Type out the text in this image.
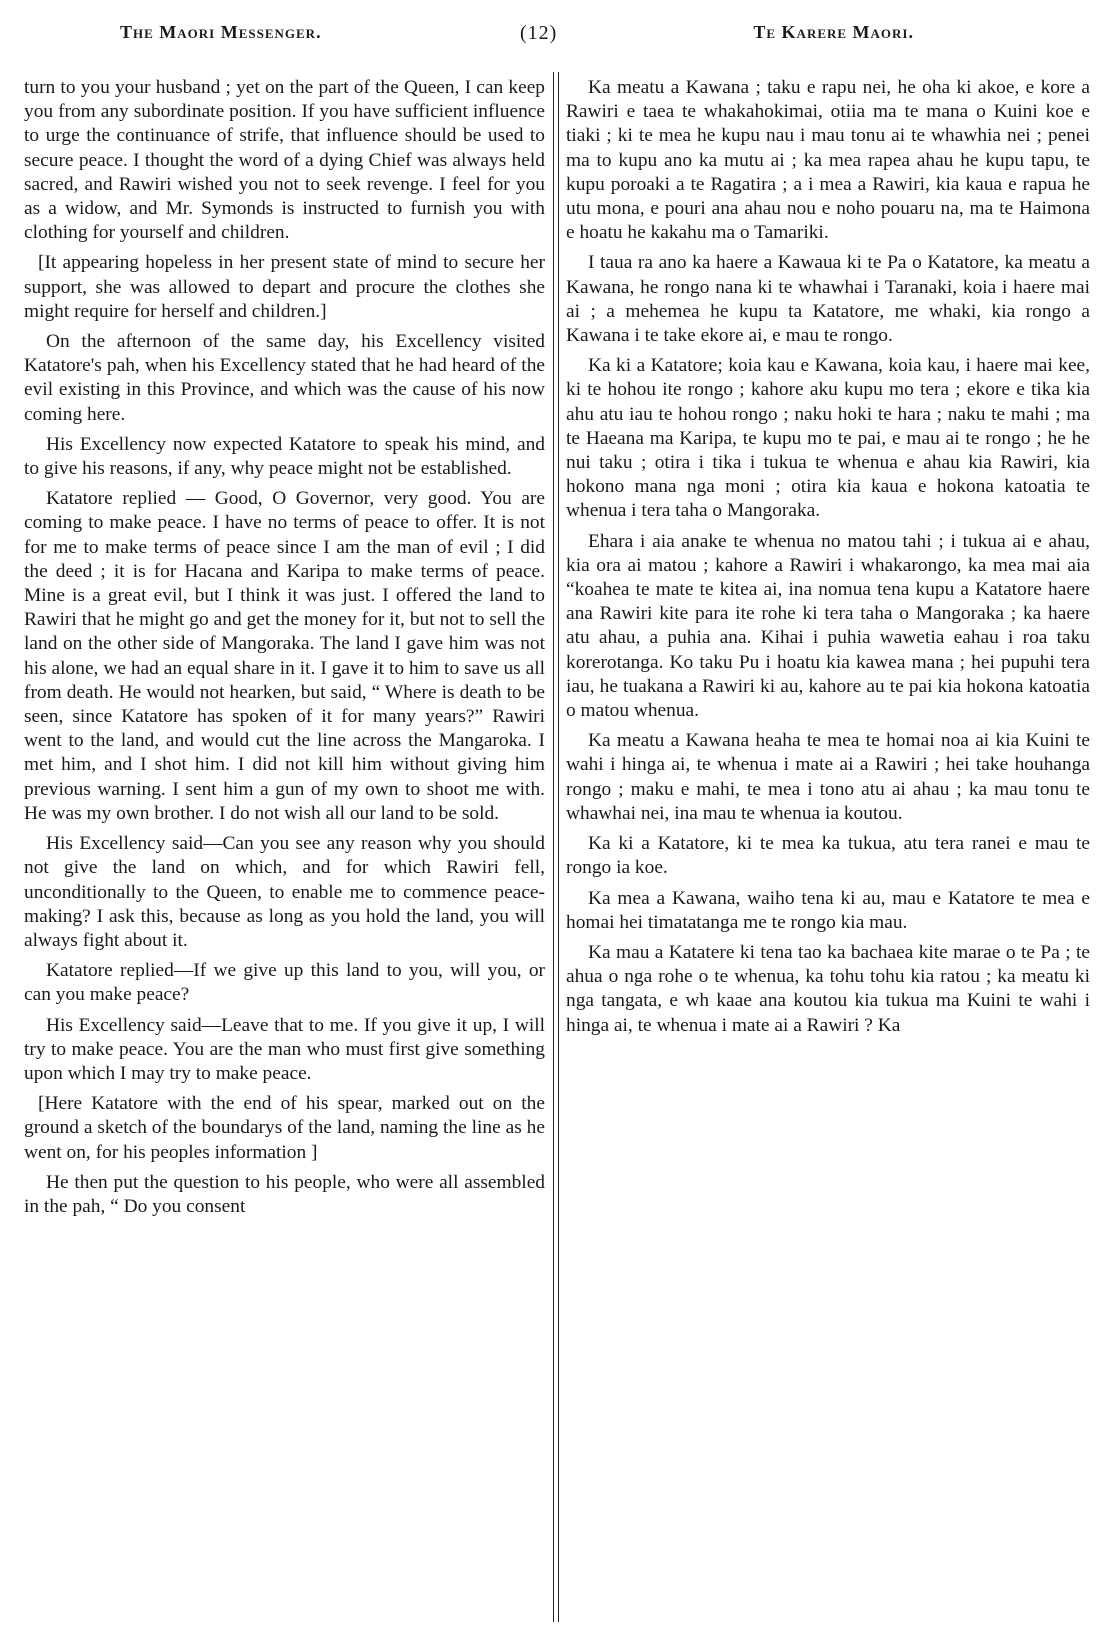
The Maori Messenger.	(12)	Te Karere Maori.

turn to you your husband ; yet on the part of the Queen, I can keep you from any subordinate position. If you have sufficient influence to urge the continuance of strife, that influence should be used to secure peace. I thought the word of a dying Chief was always held sacred, and Rawiri wished you not to seek revenge. I feel for you as a widow, and Mr. Symonds is instructed to furnish you with clothing for yourself and children.

[It appearing hopeless in her present state of mind to secure her support, she was allowed to depart and procure the clothes she might require for herself and children.]

On the afternoon of the same day, his Excellency visited Katatore's pah, when his Excellency stated that he had heard of the evil existing in this Province, and which was the cause of his now coming here.

His Excellency now expected Katatore to speak his mind, and to give his reasons, if any, why peace might not be established.

Katatore replied — Good, O Governor, very good. You are coming to make peace. I have no terms of peace to offer. It is not for me to make terms of peace since I am the man of evil ; I did the deed ; it is for Hacana and Karipa to make terms of peace. Mine is a great evil, but I think it was just. I offered the land to Rawiri that he might go and get the money for it, but not to sell the land on the other side of Mangoraka. The land I gave him was not his alone, we had an equal share in it. I gave it to him to save us all from death. He would not hearken, but said, “ Where is death to be seen, since Katatore has spoken of it for many years?” Rawiri went to the land, and would cut the line across the Mangaroka. I met him, and I shot him. I did not kill him without giving him previous warning. I sent him a gun of my own to shoot me with. He was my own brother. I do not wish all our land to be sold.

His Excellency said—Can you see any reason why you should not give the land on which, and for which Rawiri fell, unconditionally to the Queen, to enable me to commence peace-making? I ask this, because as long as you hold the land, you will always fight about it.

Katatore replied—If we give up this land to you, will you, or can you make peace?

His Excellency said—Leave that to me. If you give it up, I will try to make peace. You are the man who must first give something upon which I may try to make peace.

[Here Katatore with the end of his spear, marked out on the ground a sketch of the boundarys of the land, naming the line as he went on, for his peoples information ]

He then put the question to his people, who were all assembled in the pah, “ Do you consent

Ka meatu a Kawana ; taku e rapu nei, he oha ki akoe, e kore a Rawiri e taea te whakahokimai, otiia ma te mana o Kuini koe e tiaki ; ki te mea he kupu nau i mau tonu ai te whawhia nei ; penei ma to kupu ano ka mutu ai ; ka mea rapea ahau he kupu tapu, te kupu poroaki a te Ragatira ; a i mea a Rawiri, kia kaua e rapua he utu mona, e pouri ana ahau nou e noho pouaru na, ma te Haimona e hoatu he kakahu ma o Tamariki.

I taua ra ano ka haere a Kawaua ki te Pa o Katatore, ka meatu a Kawana, he rongo nana ki te whawhai i Taranaki, koia i haere mai ai ; a mehemea he kupu ta Katatore, me whaki, kia rongo a Kawana i te take ekore ai, e mau te rongo.

Ka ki a Katatore; koia kau e Kawana, koia kau, i haere mai kee, ki te hohou ite rongo ; kahore aku kupu mo tera ; ekore e tika kia ahu atu iau te hohou rongo ; naku hoki te hara ; naku te mahi ; ma te Haeana ma Karipa, te kupu mo te pai, e mau ai te rongo ; he he nui taku ; otira i tika i tukua te whenua e ahau kia Rawiri, kia hokono mana nga moni ; otira kia kaua e hokona katoatia te whenua i tera taha o Mangoraka.

Ehara i aia anake te whenua no matou tahi ; i tukua ai e ahau, kia ora ai matou ; kahore a Rawiri i whakarongo, ka mea mai aia “koahea te mate te kitea ai, ina nomua tena kupu a Katatore haere ana Rawiri kite para ite rohe ki tera taha o Mangoraka ; ka haere atu ahau, a puhia ana. Kihai i puhia wawetia eahau i roa taku korerotanga. Ko taku Pu i hoatu kia kawea mana ; hei pupuhi tera iau, he tuakana a Rawiri ki au, kahore au te pai kia hokona katoatia o matou whenua.

Ka meatu a Kawana heaha te mea te homai noa ai kia Kuini te wahi i hinga ai, te whenua i mate ai a Rawiri ; hei take houhanga rongo ; maku e mahi, te mea i tono atu ai ahau ; ka mau tonu te whawhai nei, ina mau te whenua ia koutou.

Ka ki a Katatore, ki te mea ka tukua, atu tera ranei e mau te rongo ia koe.

Ka mea a Kawana, waiho tena ki au, mau e Katatore te mea e homai hei timatatanga me te rongo kia mau.

Ka mau a Katatere ki tena tao ka bachaea kite marae o te Pa ; te ahua o nga rohe o te whenua, ka tohu tohu kia ratou ; ka meatu ki nga tangata, e wh kaae ana koutou kia tukua ma Kuini te wahi i hinga ai, te whenua i mate ai a Rawiri ? Ka
